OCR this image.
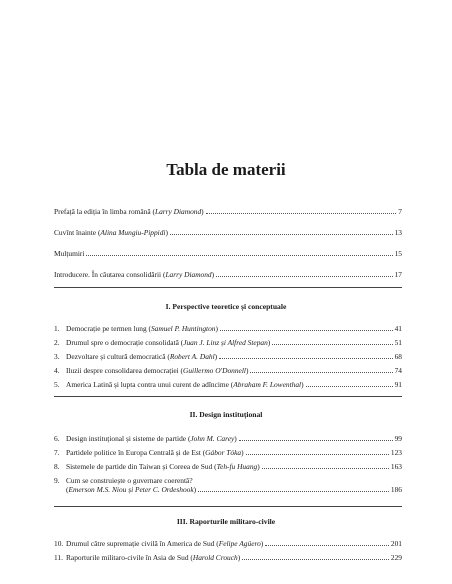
Tabla de materii
Prefață la ediția în limba română (Larry Diamond)	7
Cuvînt înainte (Alina Mungiu-Pippidi)	13
Mulțumiri	15
Introducere. În căutarea consolidării (Larry Diamond)	17
I. Perspective teoretice și conceptuale
1. Democrație pe termen lung (Samuel P. Huntington)	41
2. Drumul spre o democrație consolidată (Juan J. Linz și Alfred Stepan)	51
3. Dezvoltare și cultură democratică (Robert A. Dahl)	68
4. Iluzii despre consolidarea democrației (Guillermo O'Donnell)	74
5. America Latină și lupta contra unui curent de adîncime (Abraham F. Lowenthal)	91
II. Design instituțional
6. Design instituțional și sisteme de partide (John M. Carey)	99
7. Partidele politice în Europa Centrală și de Est (Gábor Tóka)	123
8. Sistemele de partide din Taiwan și Coreea de Sud (Teh-fu Huang)	163
9. Cum se construiește o guvernare coerentă?
(Emerson M.S. Niou și Peter C. Ordeshook)	186
III. Raporturile militaro-civile
10. Drumul către supremație civilă în America de Sud (Felipe Agüero)	201
11. Raporturile militaro-civile în Asia de Sud (Harold Crouch)	229
